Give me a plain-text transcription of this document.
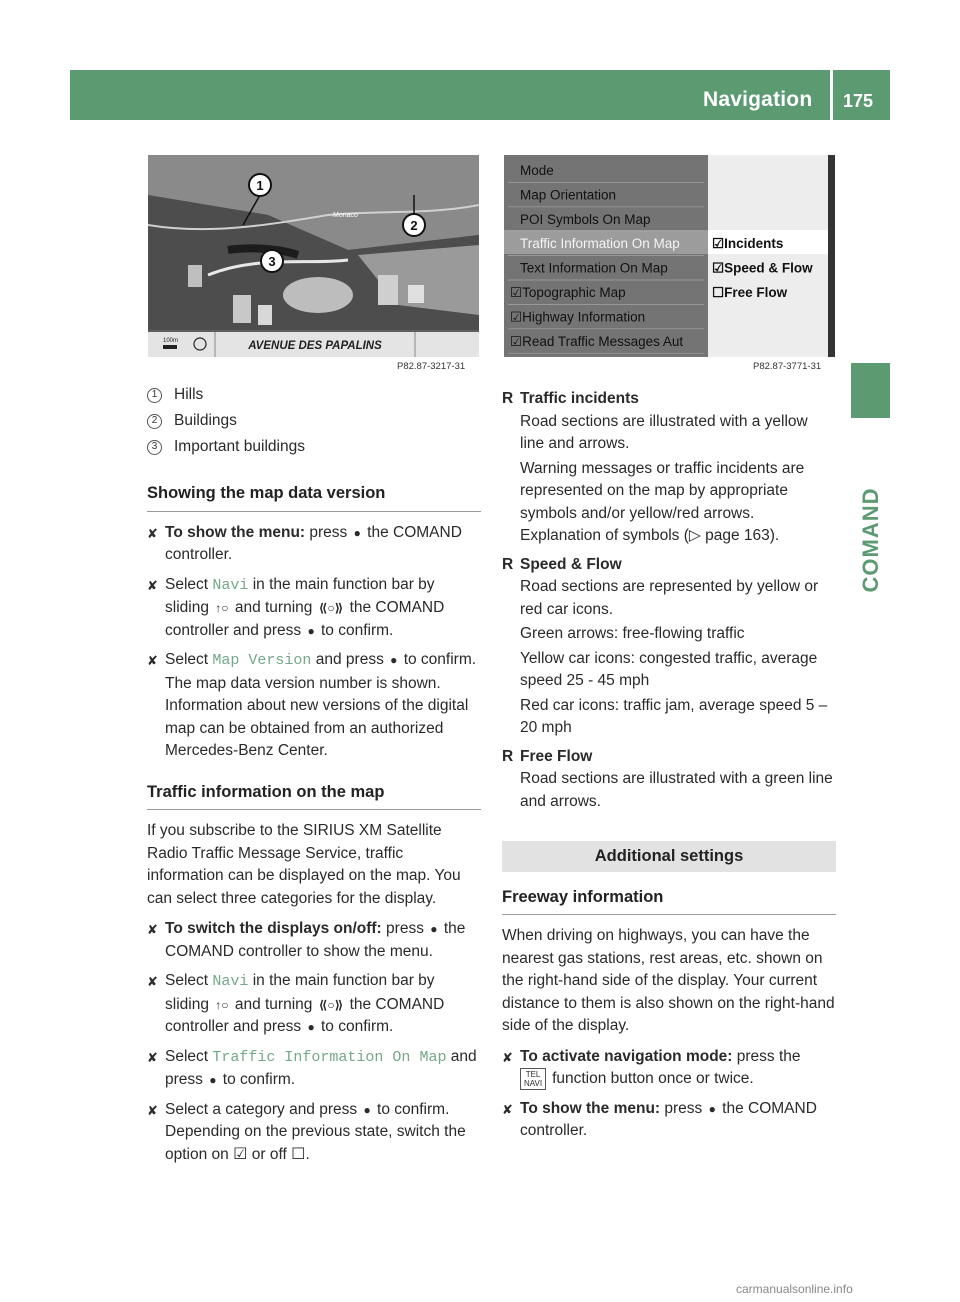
Navigation 175
COMAND
Monaco
1
2
3
100m	AVENUE DES PAPALINS
P82.87-3217-31
Mode
Map Orientation
POI Symbols On Map
Traffic Information On Map
Text Information On Map
☑Topographic Map
☑Highway Information
☑Read Traffic Messages Aut
☑Incidents
☑Speed & Flow
☐Free Flow
P82.87-3771-31
1	Hills
2	Buildings
3	Important buildings
Showing the map data version
✘ To show the menu: press ● the COMAND controller.
✘ Select Navi in the main function bar by sliding ↑○ and turning ⟪○⟫ the COMAND controller and press ● to confirm.
✘ Select Map Version and press ● to confirm.
The map data version number is shown. Information about new versions of the digital map can be obtained from an authorized Mercedes-Benz Center.
Traffic information on the map
If you subscribe to the SIRIUS XM Satellite Radio Traffic Message Service, traffic information can be displayed on the map. You can select three categories for the display.
✘ To switch the displays on/off: press ● the COMAND controller to show the menu.
✘ Select Navi in the main function bar by sliding ↑○ and turning ⟪○⟫ the COMAND controller and press ● to confirm.
✘ Select Traffic Information On Map and press ● to confirm.
✘ Select a category and press ● to confirm. Depending on the previous state, switch the option on ☑ or off ☐.
R Traffic incidents
Road sections are illustrated with a yellow line and arrows.
Warning messages or traffic incidents are represented on the map by appropriate symbols and/or yellow/red arrows. Explanation of symbols (▷ page 163).
R Speed & Flow
Road sections are represented by yellow or red car icons.
Green arrows: free-flowing traffic
Yellow car icons: congested traffic, average speed 25 - 45 mph
Red car icons: traffic jam, average speed 5 – 20 mph
R Free Flow
Road sections are illustrated with a green line and arrows.
Additional settings
Freeway information
When driving on highways, you can have the nearest gas stations, rest areas, etc. shown on the right-hand side of the display. Your current distance to them is also shown on the right-hand side of the display.
✘ To activate navigation mode: press the
TEL
NAVI function button once or twice.
✘ To show the menu: press ● the COMAND controller.
carmanualsonline.info
